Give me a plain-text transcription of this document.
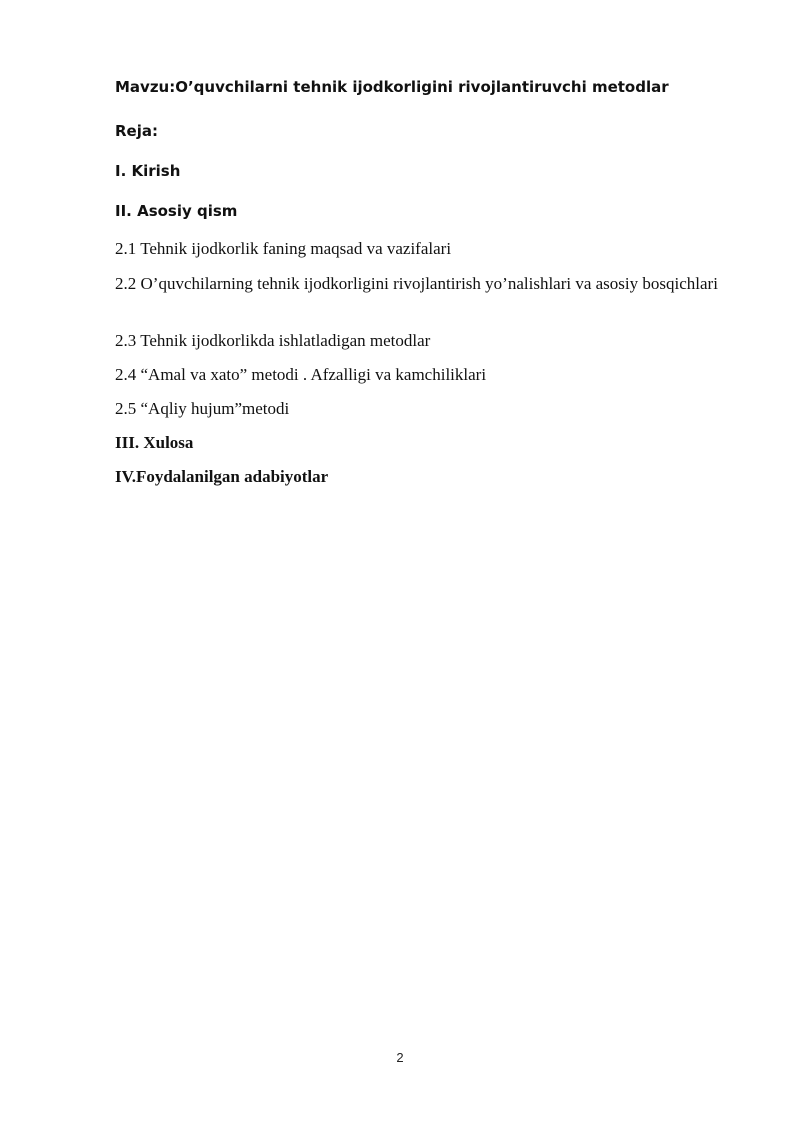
Mavzu:O’quvchilarni tehnik ijodkorligini rivojlantiruvchi metodlar
Reja:
I. Kirish
II. Asosiy qism
2.1 Tehnik ijodkorlik faning maqsad va vazifalari
2.2 O’quvchilarning tehnik ijodkorligini rivojlantirish yo’nalishlari va asosiy bosqichlari
2.3 Tehnik ijodkorlikda ishlatladigan metodlar
2.4 “Amal va xato” metodi . Afzalligi va kamchiliklari
2.5 “Aqliy hujum”metodi
III. Xulosa
IV.Foydalanilgan adabiyotlar
2
